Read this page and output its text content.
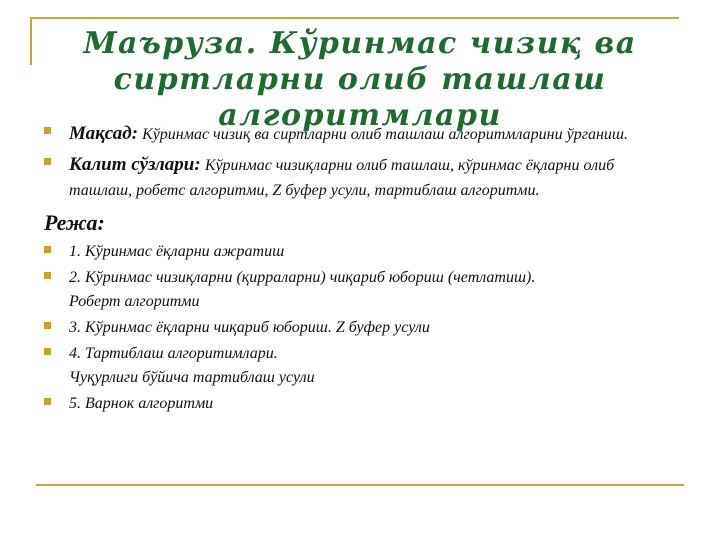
Маъруза. Кўринмас чизиқ ва
сиртларни олиб ташлаш
алгоритмлари
Мақсад: Кўринмас чизиқ ва сиртларни олиб ташлаш алгоритмларини ўрганиш.
Калит сўзлари: Кўринмас чизиқларни олиб ташлаш, кўринмас ёқларни олиб ташлаш, робетс алгоритми, Z буфер усули, тартиблаш алгоритми.
Режа:
1. Кўринмас ёқларни ажратиш
2. Кўринмас чизиқларни (қирраларни) чиқариб юбориш (четлатиш).
Роберт алгоритми
3. Кўринмас ёқларни чиқариб юбориш. Z буфер усули
4. Тартиблаш алгоритимлари.
Чуқурлиги бўйича тартиблаш усули
5. Варнок алгоритми
